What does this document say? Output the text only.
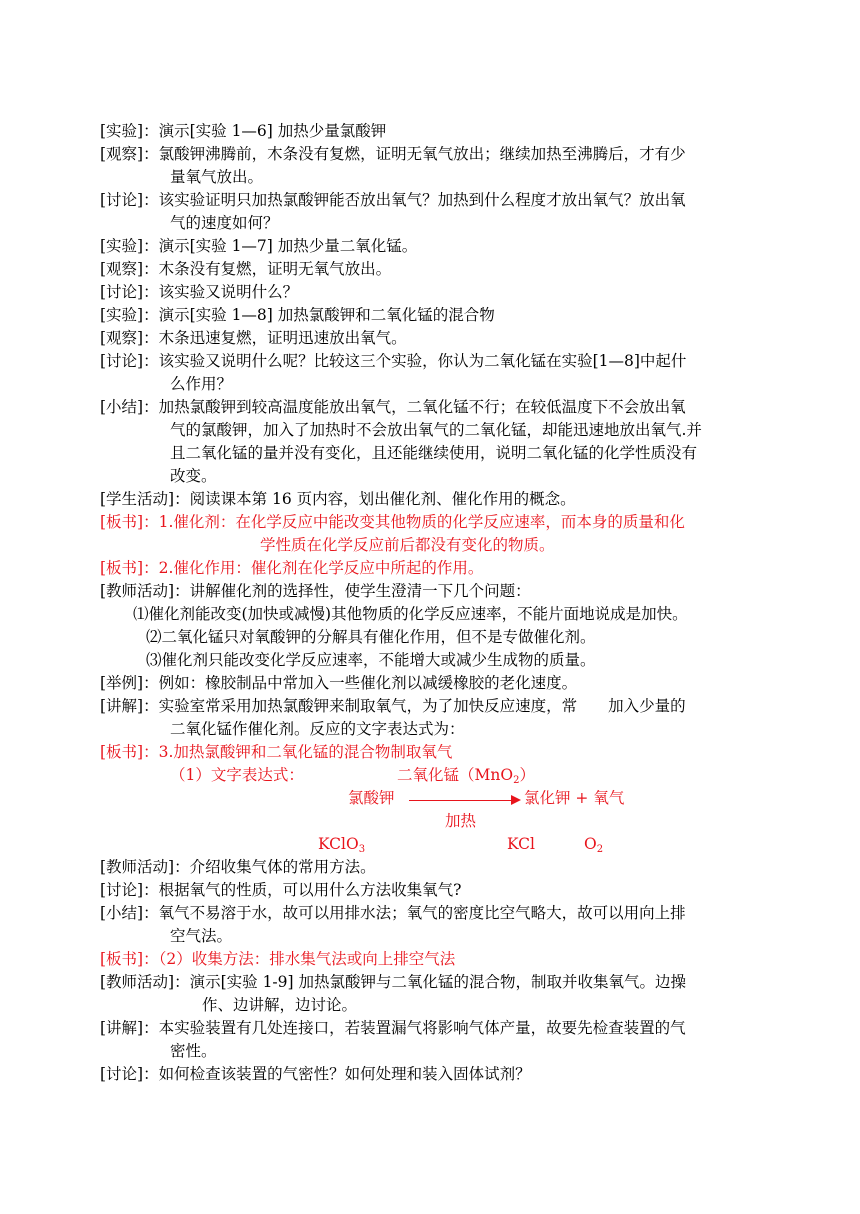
[实验]：演示[实验 1—6] 加热少量氯酸钾
[观察]：氯酸钾沸腾前，木条没有复燃，证明无氧气放出；继续加热至沸腾后，才有少
量氧气放出。
[讨论]：该实验证明只加热氯酸钾能否放出氧气？加热到什么程度才放出氧气？放出氧
气的速度如何？
[实验]：演示[实验 1—7] 加热少量二氧化锰。
[观察]：木条没有复燃，证明无氧气放出。
[讨论]：该实验又说明什么？
[实验]：演示[实验 1—8] 加热氯酸钾和二氧化锰的混合物
[观察]：木条迅速复燃，证明迅速放出氧气。
[讨论]：该实验又说明什么呢？比较这三个实验，你认为二氧化锰在实验[1—8]中起什
么作用？
[小结]：加热氯酸钾到较高温度能放出氧气，二氧化锰不行；在较低温度下不会放出氧
气的氯酸钾，加入了加热时不会放出氧气的二氧化锰，却能迅速地放出氧气.并
且二氧化锰的量并没有变化，且还能继续使用，说明二氧化锰的化学性质没有
改变。
[学生活动]：阅读课本第 16 页内容，划出催化剂、催化作用的概念。
[板书]：1.催化剂：在化学反应中能改变其他物质的化学反应速率，而本身的质量和化
学性质在化学反应前后都没有变化的物质。
[板书]：2.催化作用：催化剂在化学反应中所起的作用。
[教师活动]：讲解催化剂的选择性，使学生澄清一下几个问题：
⑴催化剂能改变(加快或减慢)其他物质的化学反应速率，不能片面地说成是加快。
⑵二氧化锰只对氧酸钾的分解具有催化作用，但不是专做催化剂。
⑶催化剂只能改变化学反应速率，不能增大或减少生成物的质量。
[举例]：例如：橡胶制品中常加入一些催化剂以减缓橡胶的老化速度。
[讲解]：实验室常采用加热氯酸钾来制取氧气，为了加快反应速度，常　　加入少量的
二氧化锰作催化剂。反应的文字表达式为：
[板书]：3.加热氯酸钾和二氧化锰的混合物制取氧气
（1）文字表达式：	二氧化锰（MnO$_2$）
氯酸钾	氯化钾 + 氧气
加热
KClO$_3$	KCl	$O_2$
[教师活动]：介绍收集气体的常用方法。
[讨论]：根据氧气的性质，可以用什么方法收集氧气?
[小结]：氧气不易溶于水，故可以用排水法；氧气的密度比空气略大，故可以用向上排
空气法。
[板书]：（2）收集方法：排水集气法或向上排空气法
[教师活动]：演示[实验 1-9] 加热氯酸钾与二氧化锰的混合物，制取并收集氧气。边操
作、边讲解，边讨论。
[讲解]：本实验装置有几处连接口，若装置漏气将影响气体产量，故要先检查装置的气
密性。
[讨论]：如何检查该装置的气密性？如何处理和装入固体试剂？
